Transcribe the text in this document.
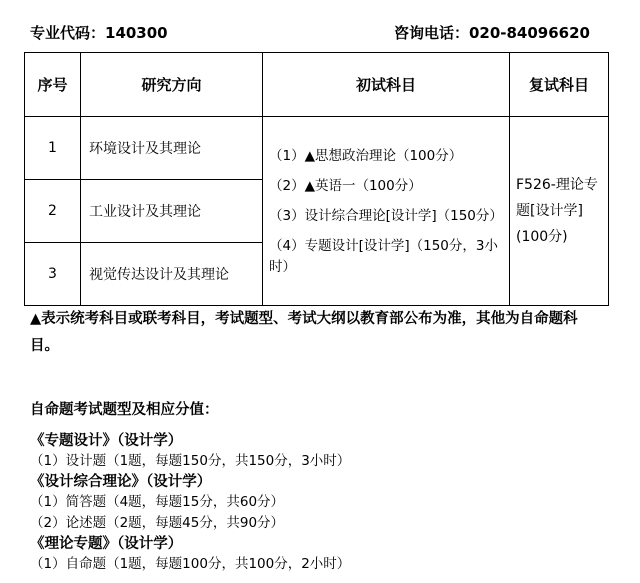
专业代码：140300	咨询电话：020-84096620
序号	研究方向	初试科目	复试科目

1	环境设计及其理论	（1）▲思想政治理论（100分）
（2）▲英语一（100分）
（3）设计综合理论[设计学]（150分）
（4）专题设计[设计学]（150分，3小时）	F526-理论专题[设计学](100分)

2	工业设计及其理论		

3	视觉传达设计及其理论		
▲表示统考科目或联考科目，考试题型、考试大纲以教育部公布为准，其他为自命题科目。
自命题考试题型及相应分值：
《专题设计》（设计学）
（1）设计题（1题，每题150分，共150分，3小时）
《设计综合理论》（设计学）
（1）简答题（4题，每题15分，共60分）
（2）论述题（2题，每题45分，共90分）
《理论专题》（设计学）
（1）自命题（1题，每题100分，共100分，2小时）
